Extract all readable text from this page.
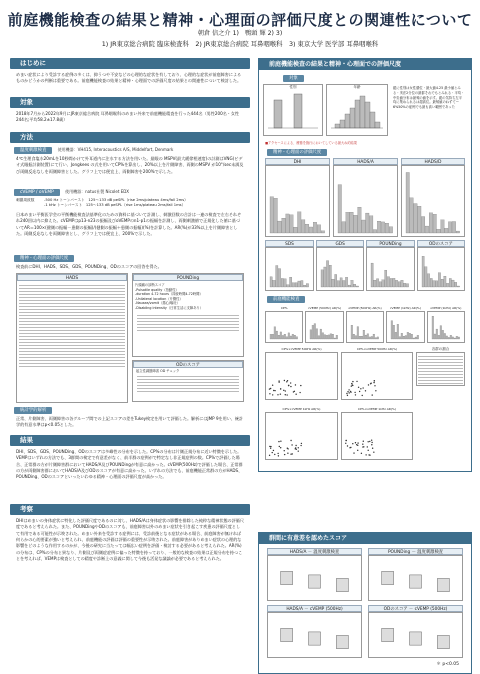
前庭機能検査の結果と精神・心理面の評価尺度との関連性について
朝倉 信之介 1)　鴨頭 輝 2) 3)
1) JR東京総合病院 臨床検査科　2) JR東京総合病院 耳鼻咽喉科　3) 東京大学 医学部 耳鼻咽喉科
はじめに
めまい症状により受診する症例の多くは、抑うつや不安などの心理的な症状を有しており、心理的な症状が前庭障害によるものかどうかの判断は重要である。前庭機能検査の結果と精神・心理面での評価尺度の結果との関連性について検討した。
対象
2018年7月から2022年9月にJR東京総合病院 耳鼻咽喉科のめまい外来で前庭機能精査を行った444名（男性200名・女性244名;平均58.2±17.8歳）
方法
温度刺激検査	使用機器：VH415, Interacoustics A/S, Middelfart, Denmark
4℃生理食塩水20mLを10秒間かけて外耳道内に注水する方法を用いた。最眼の MSPV(最大緩徐相速度)の計測はVNG(ビデオ式眼振計測装置)にて行い、Jongkees の式を用いてCP%を算出し、20%以上を片側障害、両側のMSPV が10°/sec未満及び両側反応なしを両側障害とした。グラフ上では便宜上、両側障害を200%で示した。
cVEMP / oVEMP	使用機器：natus社製 Nicolet EDX
刺激周波数	-500 Hz トーンバースト　125～133 dB peSPL（rise 2ms/plateau 4ms/fall 2ms）
-1 kHz トーンバースト　125～133 dB peSPL（rise 1ms/plateau 2ms/fall 1ms）
日本めまい平衡医学会の平衡機能検査法基準化のための資料に基づいて計測し、刺激回数の合計は一連の検査で左右それぞれ240回以内に抑えた。cVEMPはp13-n23の振幅及びoVEMPのn1-p1の振幅を計測し、両側刺激値で正規化した値に基づいてAR＝100×(健側の振幅－患側の振幅)/(健側の振幅＋患側の振幅)(%)を計算した。AR(%)が33%以上を片側障害とした。両側反応なしを両側障害とし、グラフ上では便宜上、200%で示した。
精神・心理面の評価尺度
検査前にDHI、HADS、SDS、GDS、POUNDing、ODのスコアの回答を得た。
HADS	POUNDing
片頭痛の診断スコア
-Pulsatile quality（拍動性）
-duration 4-72 hours（持続時間4-72時間）
-Unilateral location（片側性）
-Nausea/vomit（悪心/嘔吐）
-Disabling intensity（日常生活に支障あり）
ODのスコア
起立性調節障害 OD チェック
統計学的解析
正常、片側障害、両側障害の各グループ間での上記スコアの差をTukey検定を用いて評価した。解析にはJMP 9を用い、統計学的有意水準はp<0.05とした。
結果
DHI、SDS、GDS、POUNDing、ODのスコアは多峰性の分布を示した。CP%の分布は片側正規分布に近い特徴を示した。VEMPはいずれの方法でも、3群間の検定で有意差がなく、前半群の症例がで特定なし非正規症例の数。CP%で評価した場合、正常群の方が片側障害群においてHADS/A及びPOUNDingが有意に高かった。cVEMP(500Hz)で評価した場合、正常群の方が両側障害群においてHADS/A及びODのスコアが有意に高かった。いずれの方法でも、前庭機能正常群の方がHADS、POUNDing、ODのスコアといったいわゆる精神・心理面の評価尺度が高かった。
考察
DHIはめまいの身体症状に特化した評価尺度であるのに対し、HADS/Aは身体症状の影響を排除した純粋な精神状態の評価尺度であると考えられた。また、POUNDingやODのスコアも、前庭障害以外のめまい症状を引き起こす疾患の評価尺度として有用である可能性が示唆された。めまい外来を受診する症例には、受診前後となる症状がある場合、前庭障害が無ければ何らかの心的要素が強いと考えられ、前庭機能の評価は評価の重要性が示唆された。前庭障害がありめまい症状の心理的な影響をどのような作用するのかが、今後の研究に当たっては幅広い症例を評価・検討する必要があると考えられた。AR(%)の分布は、CP%の分布と異なり、片側及び両側症症例に偏った特徴を持っており、一般的な検査の結果は正規分布を持つことを考えれば、VEMPは検査としての精度や診断上の意義に関して今後も活発な議論が必要であると考えられた。
前庭機能検査の結果と精神・心理面での評価尺度
対象
性別	年齢	縦に性別は女性優位・最大値4.25 最小値とみる・実法2分位の最群それでもとみれる・平均・中央値分布は最頻の値を示す。縦の気持ち左平均に集められるは超高位。最頻値のねずてー6%50%の症例でも最も高い範囲であった
■アクセースによる、療養を施行においてしている最大ね約結果
精神・心理面の評価尺度
DHI	HADS/A	HADS/D
SDS	GDS	POUNDing	ODのスコア
前庭機能検査
CP%	cVEMP (500Hz) AR(%)	oVEMP (500Hz) AR(%)	cVEMP (1kHz) AR(%)	oVEMP (1kHz) AR(%)
CP%×cVEMP 500Hz AR(%)	CP%×oVEMP 500Hz AR(%)
CP%×cVEMP 1kHz AR(%)	CP%×oVEMP 1kHz AR(%)
各群の割合
群間に有意差を認めたスコア
HADS/A － 温度刺激検査	POUNDing － 温度刺激検査
HADS/A － cVEMP (500Hz)	ODのスコア － cVEMP (500Hz)
＊ p<0.05
